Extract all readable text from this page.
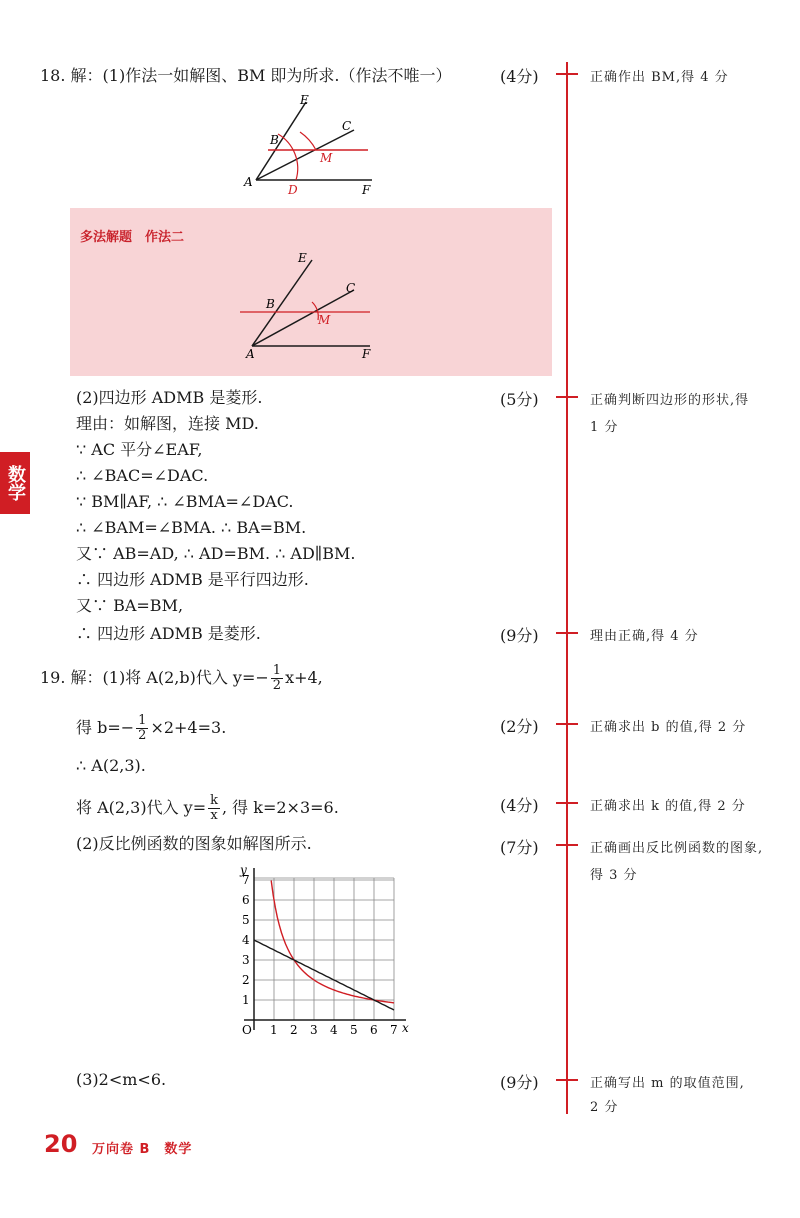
数学
18. 解：(1)作法一如解图、BM 即为所求.（作法不唯一）
E
B
C
M
A
D	F
多法解题　作法二
E
B
C
M
A	F
(2)四边形 ADMB 是菱形.
理由：如解图，连接 MD.
∵ AC 平分∠EAF,
∴ ∠BAC=∠DAC.
∵ BM∥AF, ∴ ∠BMA=∠DAC.
∴ ∠BAM=∠BMA. ∴ BA=BM.
又∵ AB=AD, ∴ AD=BM. ∴ AD∥BM.
∴ 四边形 ADMB 是平行四边形.
又∵ BA=BM,
∴ 四边形 ADMB 是菱形.
19. 解：(1)将 A(2,b)代入 $y=- \frac{1}{2} x+4$,
得 $b=- \frac{1}{2} \times 2+4=3$.
∴ A(2,3).
将 A(2,3)代入 $y= \frac{k}{x}$ , 得 k=2×3=6.
(2)反比例函数的图象如解图所示.
1 2 3 4 5 6 7
1
2
3
4
5
6
7
O	x
y
(3)2<m<6.
(4分)
(5分)
(9分)
(2分)
(4分)
(7分)
(9分)
正确作出 BM,得 4 分
正确判断四边形的形状,得
1 分
理由正确,得 4 分
正确求出 b 的值,得 2 分
正确求出 k 的值,得 2 分
正确画出反比例函数的图象,
得 3 分
正确写出 m 的取值范围,
2 分
20 万向卷 B　数学
